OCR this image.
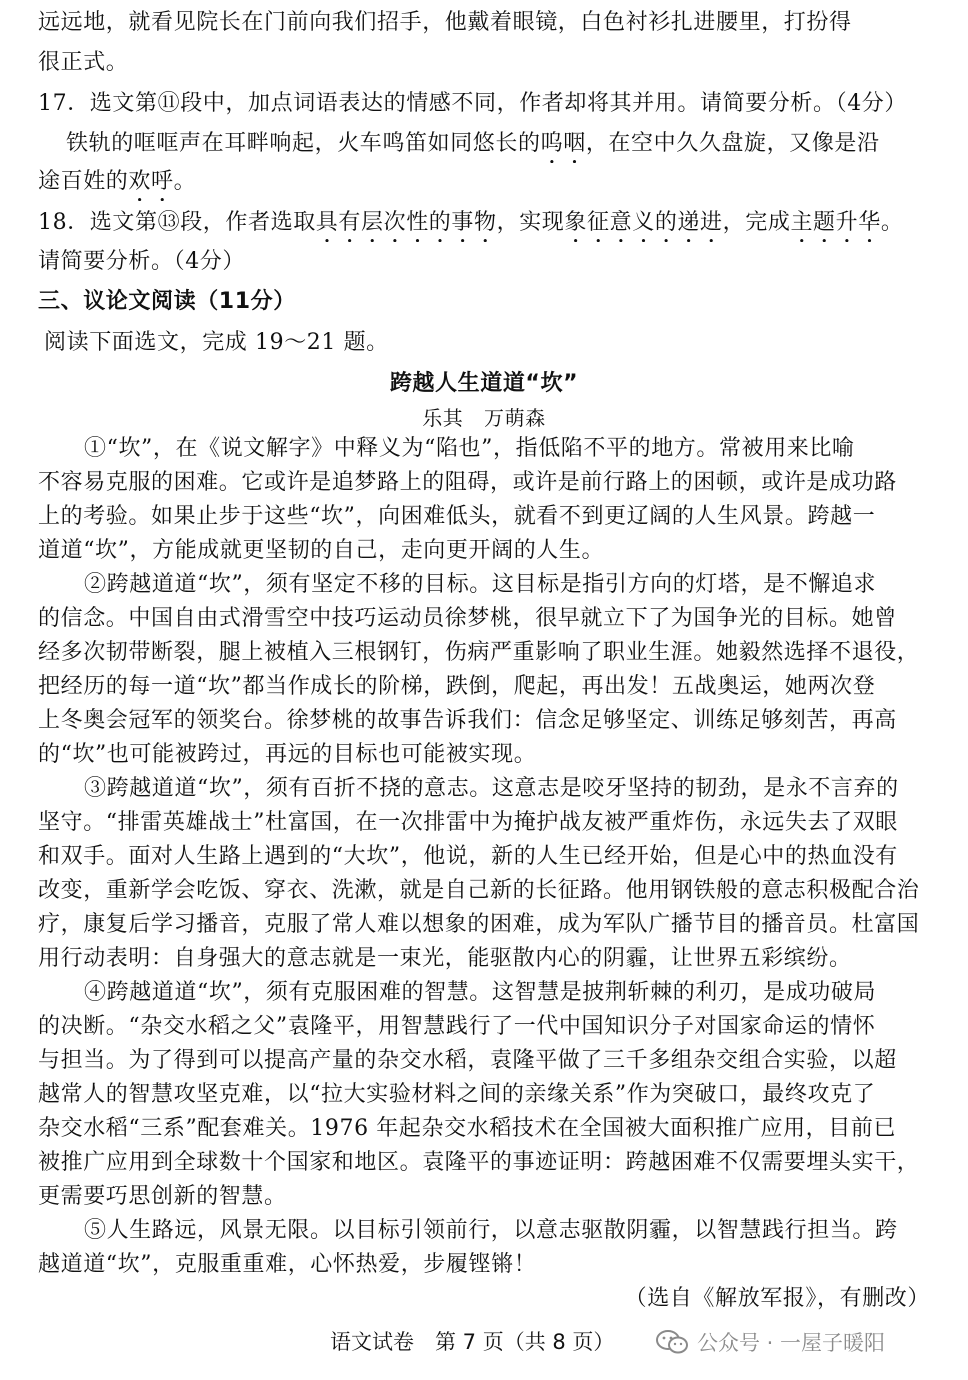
远远地，就看见院长在门前向我们招手，他戴着眼镜，白色衬衫扎进腰里，打扮得
很正式。
17．选文第⑪段中，加点词语表达的情感不同，作者却将其并用。请简要分析。（4分）
铁轨的哐哐声在耳畔响起，火车鸣笛如同悠长的呜咽，在空中久久盘旋，又像是沿
途百姓的欢呼。
18．选文第⑬段，作者选取具有层次性的事物，实现象征意义的递进，完成主题升华。
请简要分析。（4分）
三、议论文阅读（11分）
阅读下面选文，完成 19～21 题。
跨越人生道道“坎”
乐其　万萌森
①“坎”，在《说文解字》中释义为“陷也”，指低陷不平的地方。常被用来比喻
不容易克服的困难。它或许是追梦路上的阻碍，或许是前行路上的困顿，或许是成功路
上的考验。如果止步于这些“坎”，向困难低头，就看不到更辽阔的人生风景。跨越一
道道“坎”，方能成就更坚韧的自己，走向更开阔的人生。
②跨越道道“坎”，须有坚定不移的目标。这目标是指引方向的灯塔，是不懈追求
的信念。中国自由式滑雪空中技巧运动员徐梦桃，很早就立下了为国争光的目标。她曾
经多次韧带断裂，腿上被植入三根钢钉，伤病严重影响了职业生涯。她毅然选择不退役，
把经历的每一道“坎”都当作成长的阶梯，跌倒，爬起，再出发！五战奥运，她两次登
上冬奥会冠军的领奖台。徐梦桃的故事告诉我们：信念足够坚定、训练足够刻苦，再高
的“坎”也可能被跨过，再远的目标也可能被实现。
③跨越道道“坎”，须有百折不挠的意志。这意志是咬牙坚持的韧劲，是永不言弃的
坚守。“排雷英雄战士”杜富国，在一次排雷中为掩护战友被严重炸伤，永远失去了双眼
和双手。面对人生路上遇到的“大坎”，他说，新的人生已经开始，但是心中的热血没有
改变，重新学会吃饭、穿衣、洗漱，就是自己新的长征路。他用钢铁般的意志积极配合治
疗，康复后学习播音，克服了常人难以想象的困难，成为军队广播节目的播音员。杜富国
用行动表明：自身强大的意志就是一束光，能驱散内心的阴霾，让世界五彩缤纷。
④跨越道道“坎”，须有克服困难的智慧。这智慧是披荆斩棘的利刃，是成功破局
的决断。“杂交水稻之父”袁隆平，用智慧践行了一代中国知识分子对国家命运的情怀
与担当。为了得到可以提高产量的杂交水稻，袁隆平做了三千多组杂交组合实验，以超
越常人的智慧攻坚克难，以“拉大实验材料之间的亲缘关系”作为突破口，最终攻克了
杂交水稻“三系”配套难关。1976 年起杂交水稻技术在全国被大面积推广应用，目前已
被推广应用到全球数十个国家和地区。袁隆平的事迹证明：跨越困难不仅需要埋头实干，
更需要巧思创新的智慧。
⑤人生路远，风景无限。以目标引领前行，以意志驱散阴霾，以智慧践行担当。跨
越道道“坎”，克服重重难，心怀热爱，步履铿锵！
（选自《解放军报》，有删改）
语文试卷　第 7 页（共 8 页）	公众号 · 一屋子暖阳
